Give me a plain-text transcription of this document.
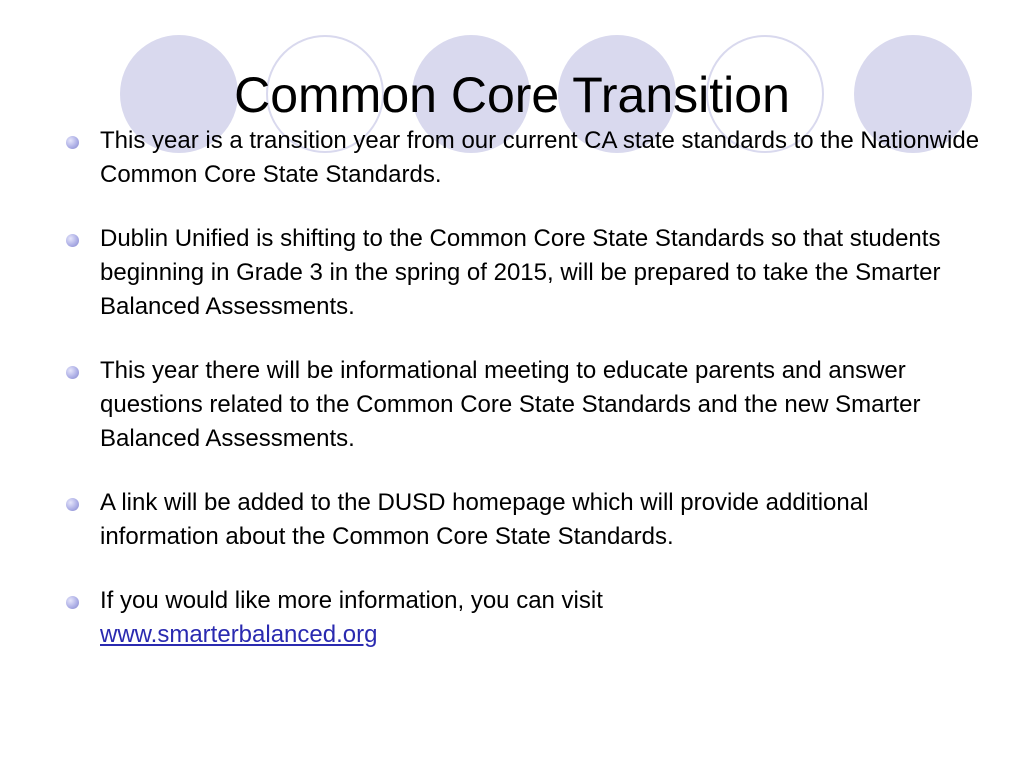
Common Core Transition
This year is a transition year from our current CA state standards to the Nationwide Common Core State Standards.
Dublin Unified is shifting to the Common Core State Standards so that students beginning in Grade 3 in the spring of 2015, will be prepared to take the Smarter Balanced Assessments.
This year there will be informational meeting to educate parents and answer questions related to the Common Core State Standards and the new Smarter Balanced Assessments.
A link will be added to the DUSD homepage which will provide additional information about the Common Core State Standards.
If you would like more information, you can visit
www.smarterbalanced.org
